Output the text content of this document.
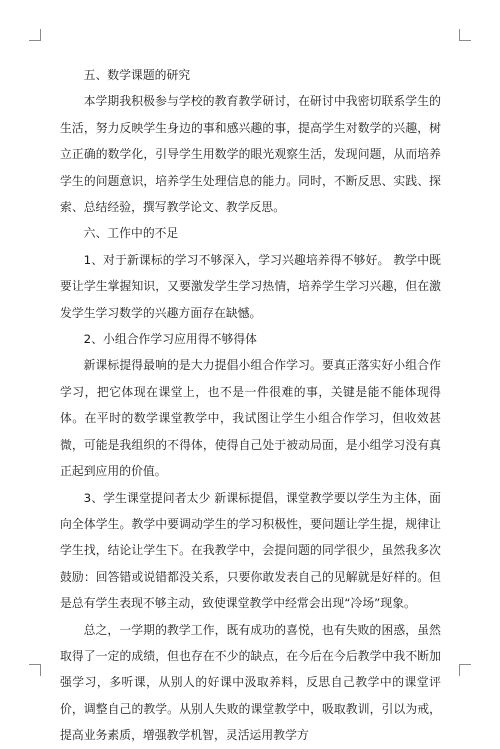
五、数学课题的研究

本学期我积极参与学校的教育教学研讨，在研讨中我密切联系学生的生活，努力反映学生身边的事和感兴趣的事，提高学生对数学的兴趣，树立正确的数学化，引导学生用数学的眼光观察生活，发现问题，从而培养学生的问题意识，培养学生处理信息的能力。同时，不断反思、实践、探索、总结经验，撰写教学论文、教学反思。

六、工作中的不足

1、对于新课标的学习不够深入，学习兴趣培养得不够好。 教学中既要让学生掌握知识，又要激发学生学习热情，培养学生学习兴趣，但在激发学生学习数学的兴趣方面存在缺憾。

2、小组合作学习应用得不够得体

新课标提得最响的是大力提倡小组合作学习。要真正落实好小组合作学习，把它体现在课堂上，也不是一件很难的事，关键是能不能体现得体。在平时的数学课堂教学中，我试图让学生小组合作学习，但收效甚微，可能是我组织的不得体，使得自己处于被动局面，是小组学习没有真正起到应用的价值。

3、学生课堂提问者太少 新课标提倡，课堂教学要以学生为主体，面向全体学生。教学中要调动学生的学习积极性，要问题让学生提，规律让学生找，结论让学生下。在我教学中，会提问题的同学很少，虽然我多次鼓励：回答错或说错都没关系，只要你敢发表自己的见解就是好样的。但是总有学生表现不够主动，致使课堂教学中经常会出现“冷场”现象。

总之，一学期的教学工作，既有成功的喜悦，也有失败的困惑，虽然取得了一定的成绩，但也存在不少的缺点，在今后在今后教学中我不断加强学习，多听课，从别人的好课中汲取养料，反思自己教学中的课堂评价，调整自己的教学。从别人失败的课堂教学中，吸取教训，引以为戒，提高业务素质，增强教学机智，灵活运用教学方
